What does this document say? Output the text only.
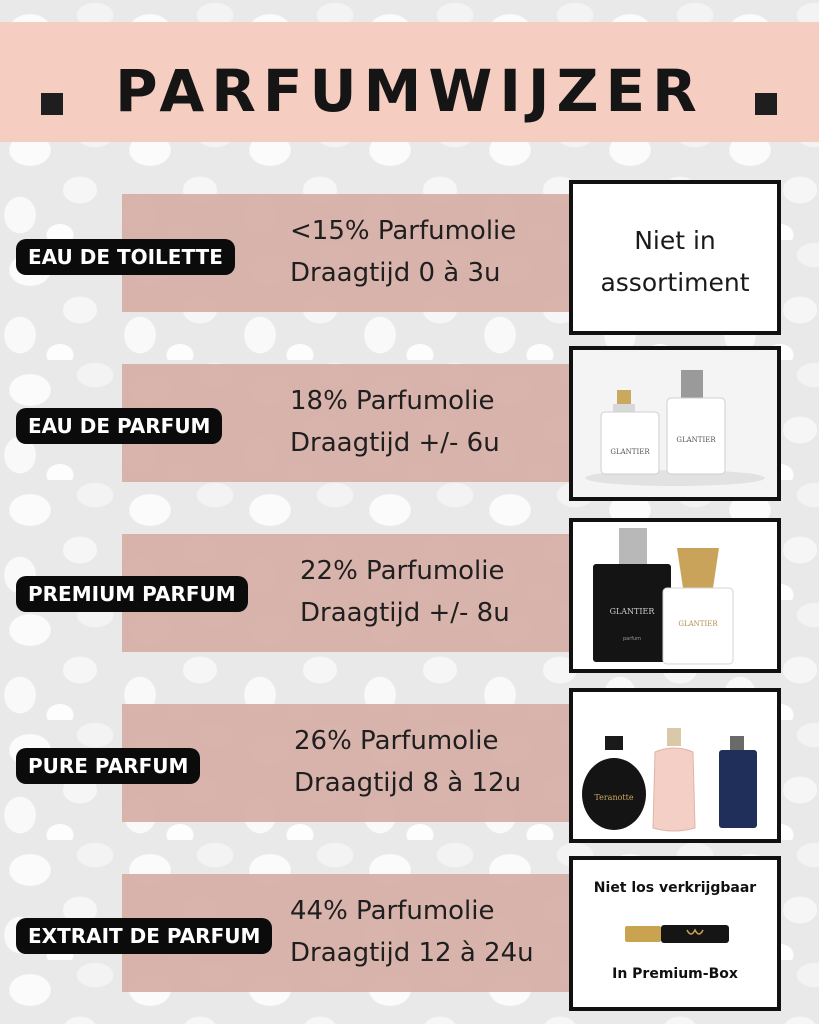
PARFUMWIJZER
<15% Parfumolie
Draagtijd 0 à 3u
EAU DE TOILETTE
Niet in assortiment
18% Parfumolie
Draagtijd +/- 6u
EAU DE PARFUM
GLANTIER
GLANTIER
22% Parfumolie
Draagtijd +/- 8u
PREMIUM PARFUM
GLANTIER
parfum
GLANTIER
26% Parfumolie
Draagtijd 8 à 12u
PURE PARFUM
Teranotte
44% Parfumolie
Draagtijd 12 à 24u
EXTRAIT DE PARFUM
Niet los verkrijgbaar
In Premium-Box
